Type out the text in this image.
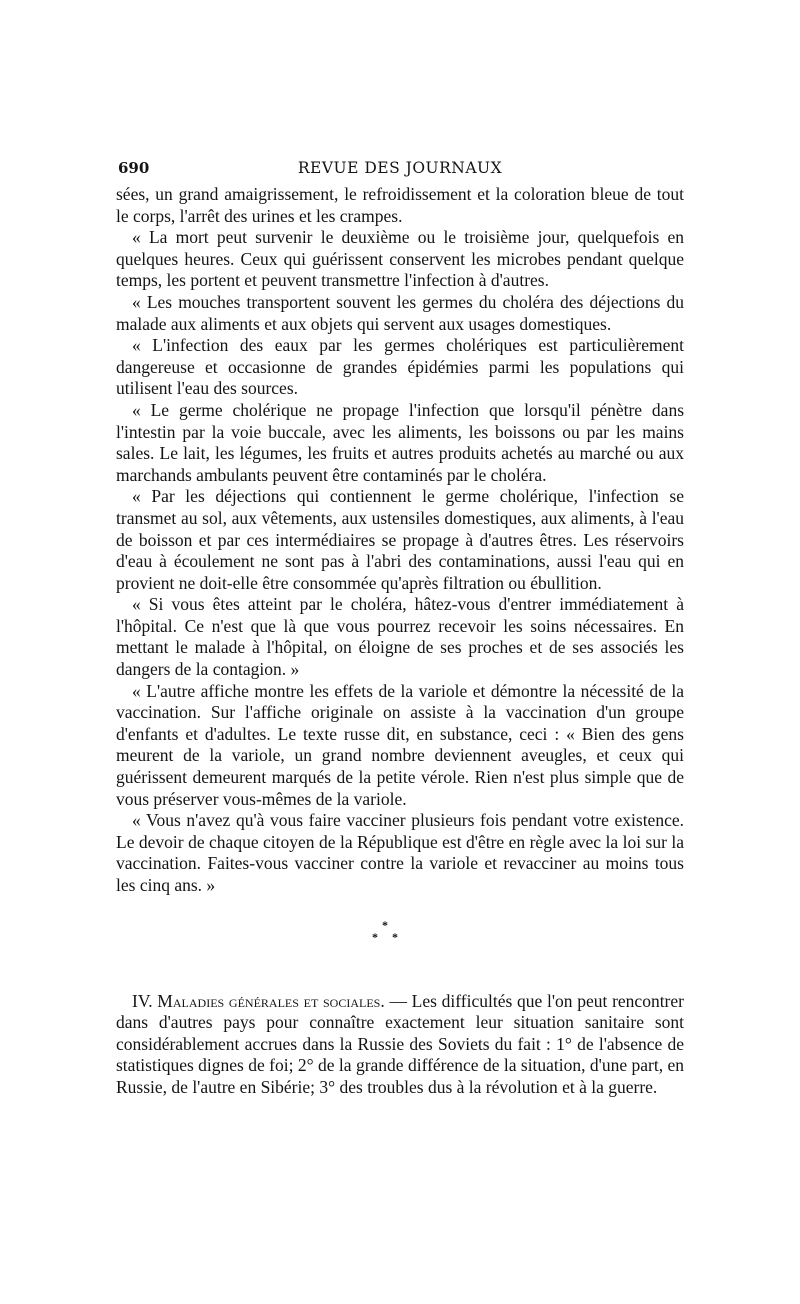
690	REVUE DES JOURNAUX

sées, un grand amaigrissement, le refroidissement et la coloration bleue de tout le corps, l'arrêt des urines et les crampes.

« La mort peut survenir le deuxième ou le troisième jour, quelquefois en quelques heures. Ceux qui guérissent conservent les microbes pendant quelque temps, les portent et peuvent transmettre l'infection à d'autres.

« Les mouches transportent souvent les germes du choléra des déjections du malade aux aliments et aux objets qui servent aux usages domestiques.

« L'infection des eaux par les germes cholériques est particulièrement dangereuse et occasionne de grandes épidémies parmi les populations qui utilisent l'eau des sources.

« Le germe cholérique ne propage l'infection que lorsqu'il pénètre dans l'intestin par la voie buccale, avec les aliments, les boissons ou par les mains sales. Le lait, les légumes, les fruits et autres produits achetés au marché ou aux marchands ambulants peuvent être contaminés par le choléra.

« Par les déjections qui contiennent le germe cholérique, l'infection se transmet au sol, aux vêtements, aux ustensiles domestiques, aux aliments, à l'eau de boisson et par ces intermédiaires se propage à d'autres êtres. Les réservoirs d'eau à écoulement ne sont pas à l'abri des contaminations, aussi l'eau qui en provient ne doit-elle être consommée qu'après filtration ou ébullition.

« Si vous êtes atteint par le choléra, hâtez-vous d'entrer immédiatement à l'hôpital. Ce n'est que là que vous pourrez recevoir les soins nécessaires. En mettant le malade à l'hôpital, on éloigne de ses proches et de ses associés les dangers de la contagion. »

« L'autre affiche montre les effets de la variole et démontre la nécessité de la vaccination. Sur l'affiche originale on assiste à la vaccination d'un groupe d'enfants et d'adultes. Le texte russe dit, en substance, ceci : « Bien des gens meurent de la variole, un grand nombre deviennent aveugles, et ceux qui guérissent demeurent marqués de la petite vérole. Rien n'est plus simple que de vous préserver vous-mêmes de la variole.

« Vous n'avez qu'à vous faire vacciner plusieurs fois pendant votre existence. Le devoir de chaque citoyen de la République est d'être en règle avec la loi sur la vaccination. Faites-vous vacciner contre la variole et revacciner au moins tous les cinq ans. »

*
* *

IV. Maladies générales et sociales. — Les difficultés que l'on peut rencontrer dans d'autres pays pour connaître exactement leur situation sanitaire sont considérablement accrues dans la Russie des Soviets du fait : 1° de l'absence de statistiques dignes de foi; 2° de la grande différence de la situation, d'une part, en Russie, de l'autre en Sibérie; 3° des troubles dus à la révolution et à la guerre.
